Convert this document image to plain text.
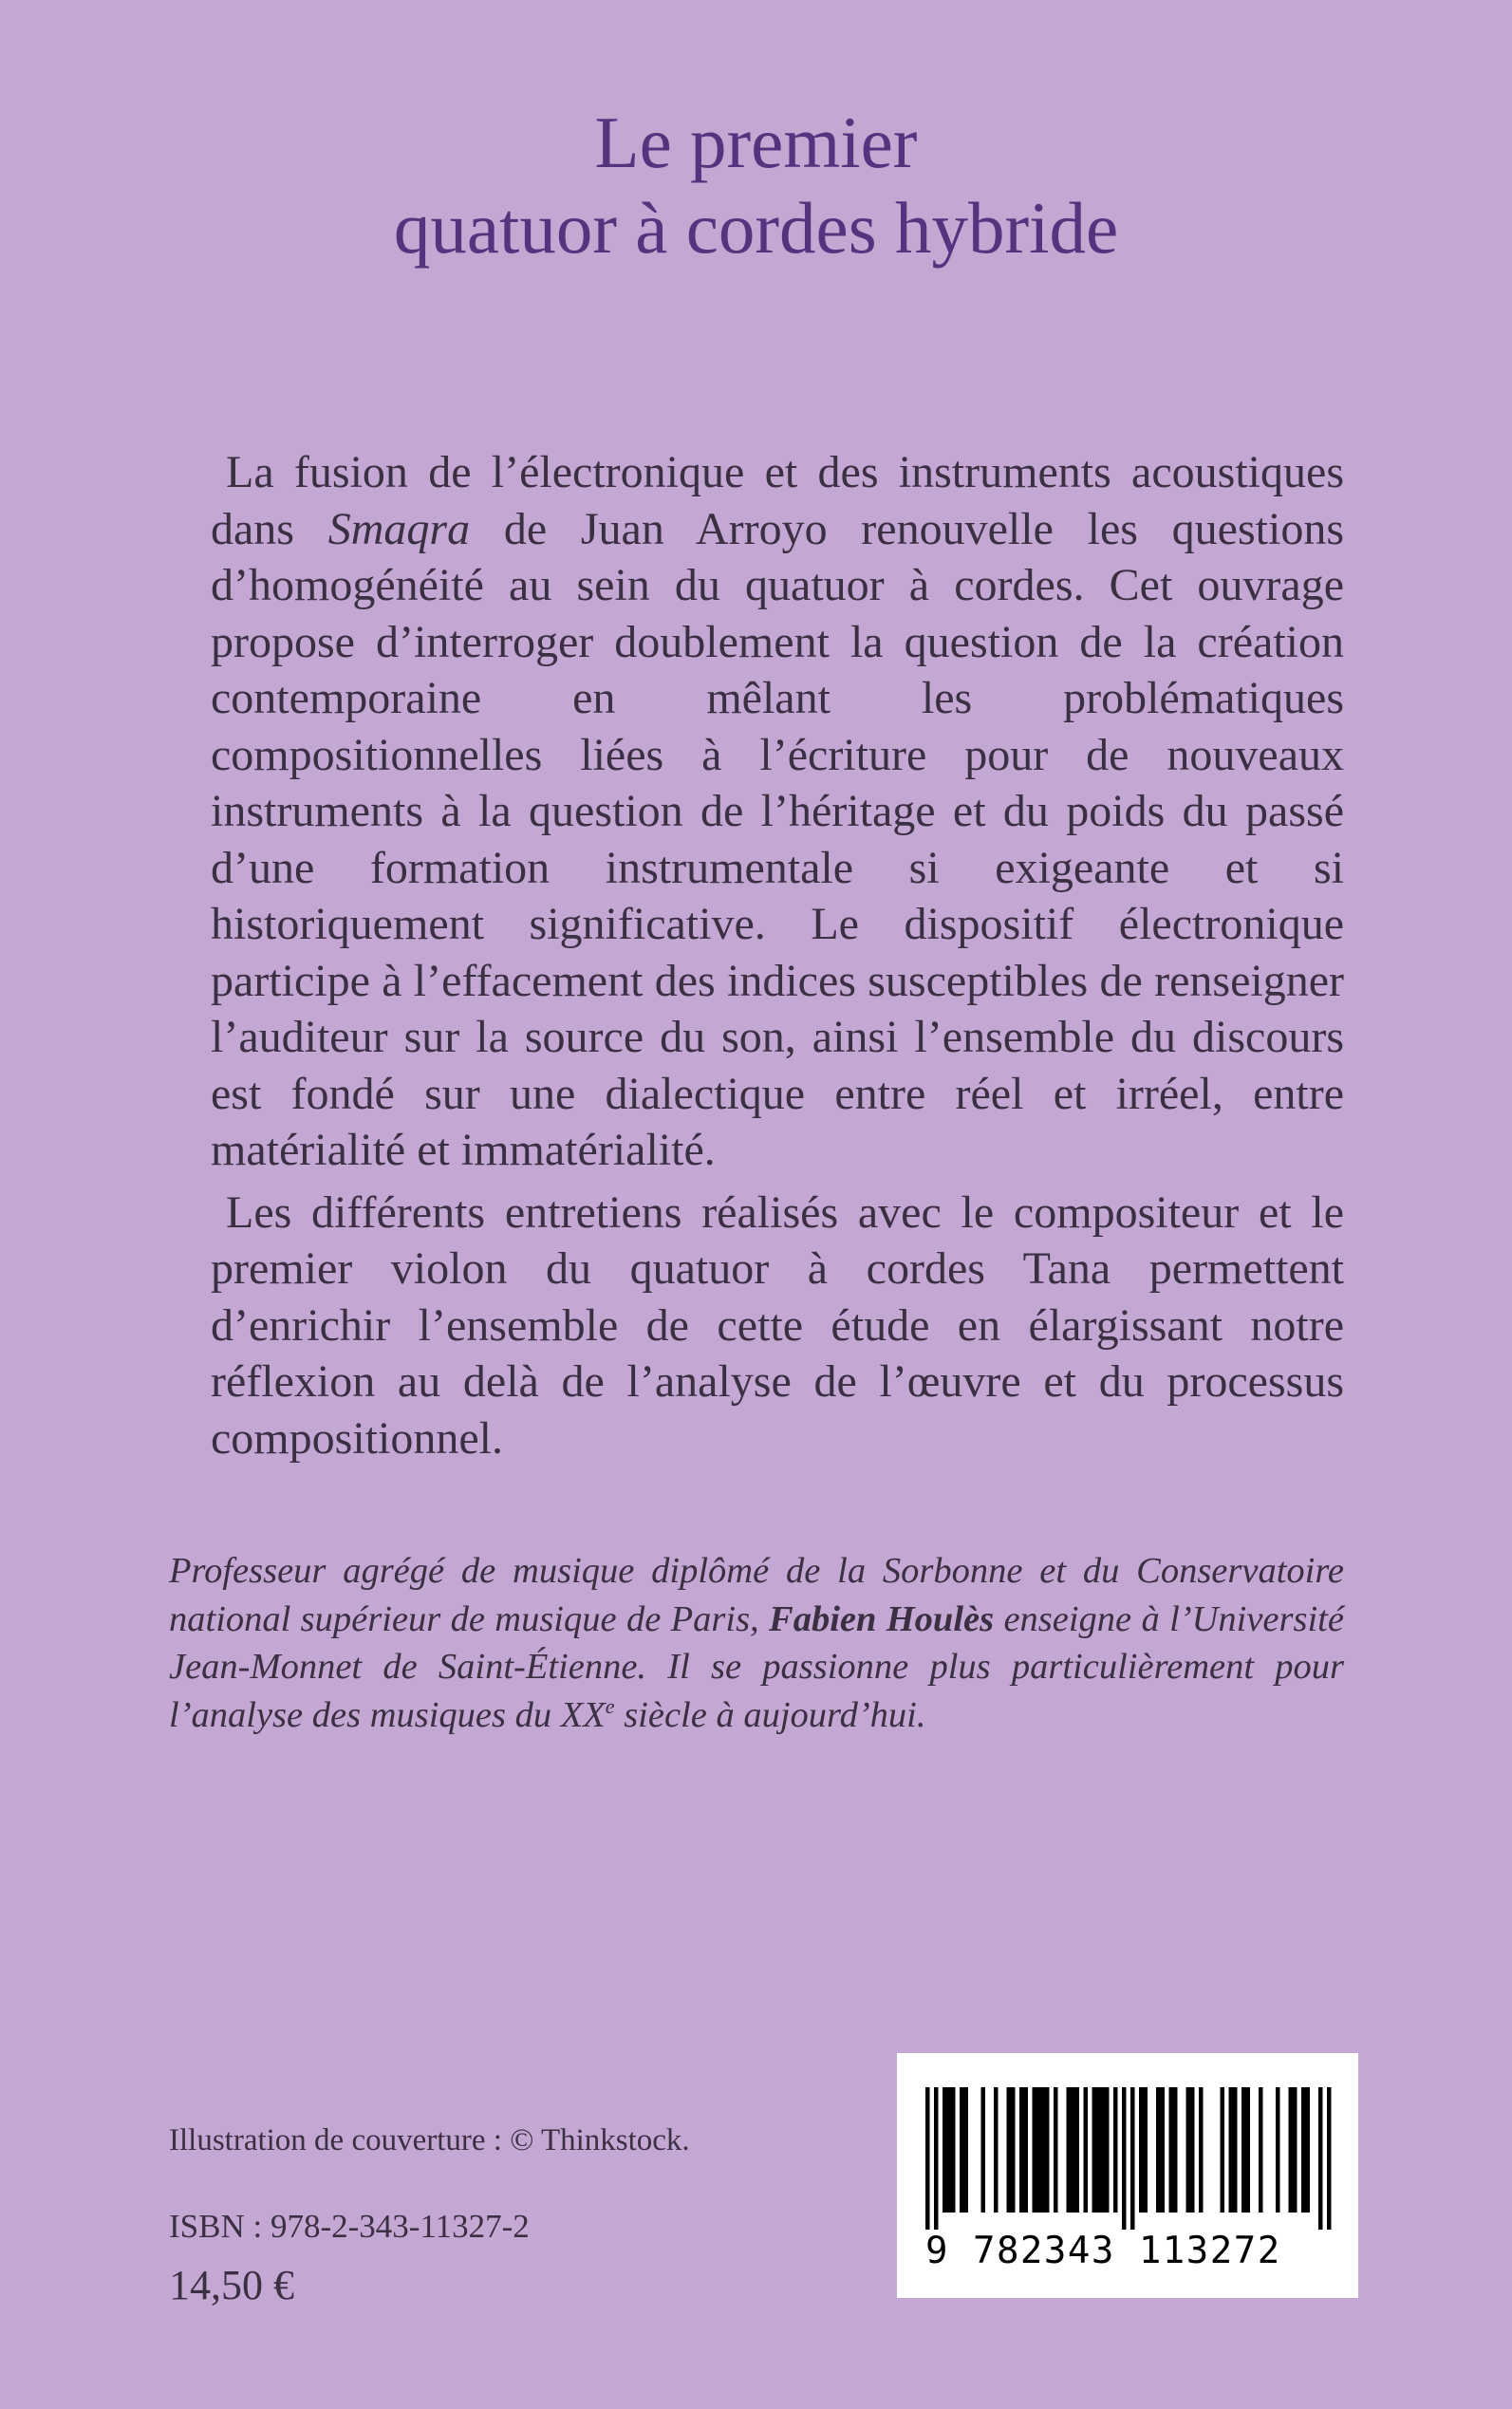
Le premier
quatuor à cordes hybride

La fusion de l’électronique et des instruments acoustiques dans Smaqra de Juan Arroyo renouvelle les questions d’homogénéité au sein du quatuor à cordes. Cet ouvrage propose d’interroger doublement la question de la création contemporaine en mêlant les problématiques compositionnelles liées à l’écriture pour de nouveaux instruments à la question de l’héritage et du poids du passé d’une formation instrumentale si exigeante et si historiquement significative. Le dispositif électronique participe à l’effacement des indices susceptibles de renseigner l’auditeur sur la source du son, ainsi l’ensemble du discours est fondé sur une dialectique entre réel et irréel, entre matérialité et immatérialité.

Les différents entretiens réalisés avec le compositeur et le premier violon du quatuor à cordes Tana permettent d’enrichir l’ensemble de cette étude en élargissant notre réflexion au delà de l’analyse de l’œuvre et du processus compositionnel.

Professeur agrégé de musique diplômé de la Sorbonne et du Conservatoire national supérieur de musique de Paris, Fabien Houlès enseigne à l’Université Jean-Monnet de Saint-Étienne. Il se passionne plus particulièrement pour l’analyse des musiques du XXe siècle à aujourd’hui.

Illustration de couverture : © Thinkstock.

ISBN : 978-2-343-11327-2

14,50 €

9 782343 113272
